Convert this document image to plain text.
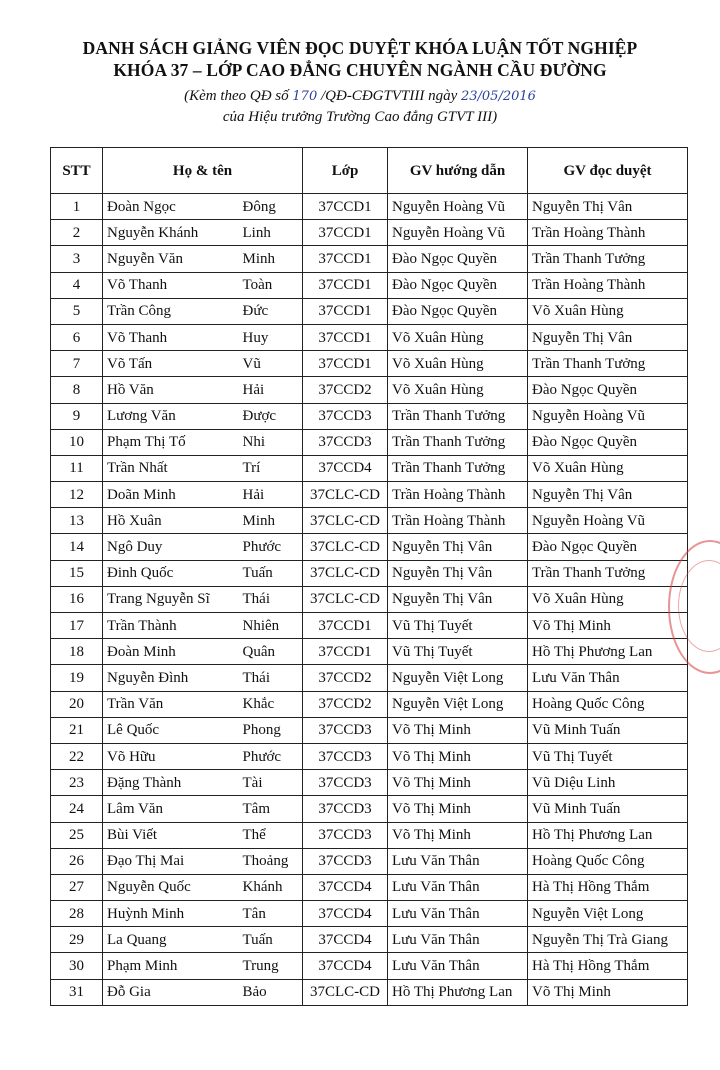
DANH SÁCH GIẢNG VIÊN ĐỌC DUYỆT KHÓA LUẬN TỐT NGHIỆP
KHÓA 37 – LỚP CAO ĐẲNG CHUYÊN NGÀNH CẦU ĐƯỜNG
(Kèm theo QĐ số 170 /QĐ-CĐGTVTIII ngày 23/05/2016
của Hiệu trưởng Trường Cao đẳng GTVT III)
STT	Họ & tên		Lớp	GV hướng dẫn	GV đọc duyệt
1	Đoàn Ngọc	Đông	37CCD1	Nguyễn Hoàng Vũ	Nguyễn Thị Vân
2	Nguyễn Khánh	Linh	37CCD1	Nguyễn Hoàng Vũ	Trần Hoàng Thành
3	Nguyễn Văn	Minh	37CCD1	Đào Ngọc Quyền	Trần Thanh Tưởng
4	Võ Thanh	Toàn	37CCD1	Đào Ngọc Quyền	Trần Hoàng Thành
5	Trần Công	Đức	37CCD1	Đào Ngọc Quyền	Võ Xuân Hùng
6	Võ Thanh	Huy	37CCD1	Võ Xuân Hùng	Nguyễn Thị Vân
7	Võ Tấn	Vũ	37CCD1	Võ Xuân Hùng	Trần Thanh Tưởng
8	Hồ Văn	Hải	37CCD2	Võ Xuân Hùng	Đào Ngọc Quyền
9	Lương Văn	Được	37CCD3	Trần Thanh Tưởng	Nguyễn Hoàng Vũ
10	Phạm Thị Tố	Nhi	37CCD3	Trần Thanh Tưởng	Đào Ngọc Quyền
11	Trần Nhất	Trí	37CCD4	Trần Thanh Tưởng	Võ Xuân Hùng
12	Doãn Minh	Hải	37CLC-CD	Trần Hoàng Thành	Nguyễn Thị Vân
13	Hồ Xuân	Minh	37CLC-CD	Trần Hoàng Thành	Nguyễn Hoàng Vũ
14	Ngô Duy	Phước	37CLC-CD	Nguyễn Thị Vân	Đào Ngọc Quyền
15	Đinh Quốc	Tuấn	37CLC-CD	Nguyễn Thị Vân	Trần Thanh Tưởng
16	Trang Nguyễn Sĩ	Thái	37CLC-CD	Nguyễn Thị Vân	Võ Xuân Hùng
17	Trần Thành	Nhiên	37CCD1	Vũ Thị Tuyết	Võ Thị Minh
18	Đoàn Minh	Quân	37CCD1	Vũ Thị Tuyết	Hồ Thị Phương Lan
19	Nguyễn Đình	Thái	37CCD2	Nguyễn Việt Long	Lưu Văn Thân
20	Trần Văn	Khắc	37CCD2	Nguyễn Việt Long	Hoàng Quốc Công
21	Lê Quốc	Phong	37CCD3	Võ Thị Minh	Vũ Minh Tuấn
22	Võ Hữu	Phước	37CCD3	Võ Thị Minh	Vũ Thị Tuyết
23	Đặng Thành	Tài	37CCD3	Võ Thị Minh	Vũ Diệu Linh
24	Lâm Văn	Tâm	37CCD3	Võ Thị Minh	Vũ Minh Tuấn
25	Bùi Viết	Thể	37CCD3	Võ Thị Minh	Hồ Thị Phương Lan
26	Đạo Thị Mai	Thoảng	37CCD3	Lưu Văn Thân	Hoàng Quốc Công
27	Nguyễn Quốc	Khánh	37CCD4	Lưu Văn Thân	Hà Thị Hồng Thắm
28	Huỳnh Minh	Tân	37CCD4	Lưu Văn Thân	Nguyễn Việt Long
29	La Quang	Tuấn	37CCD4	Lưu Văn Thân	Nguyễn Thị Trà Giang
30	Phạm Minh	Trung	37CCD4	Lưu Văn Thân	Hà Thị Hồng Thắm
31	Đỗ Gia	Bảo	37CLC-CD	Hồ Thị Phương Lan	Võ Thị Minh
